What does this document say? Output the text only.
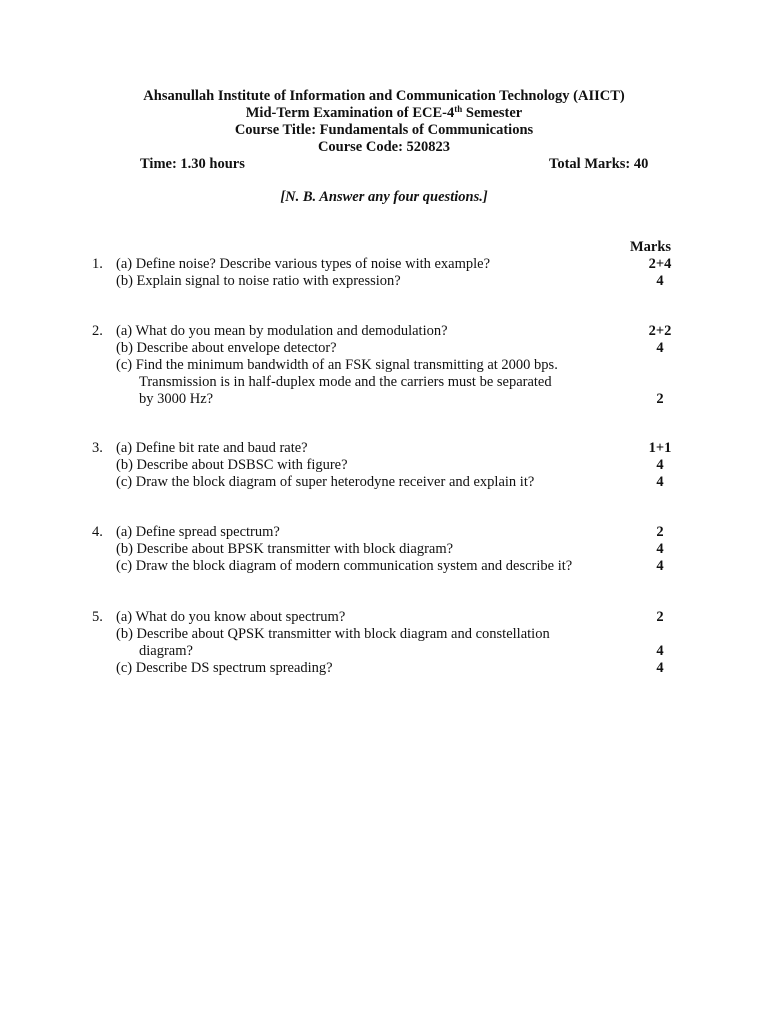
Ahsanullah Institute of Information and Communication Technology (AIICT)
Mid-Term Examination of ECE-4th Semester
Course Title: Fundamentals of Communications
Course Code: 520823
Time: 1.30 hours	Total Marks: 40
[N. B. Answer any four questions.]
Marks
1. (a) Define noise? Describe various types of noise with example?	2+4
(b) Explain signal to noise ratio with expression?	4
2. (a) What do you mean by modulation and demodulation?	2+2
(b) Describe about envelope detector?	4
(c) Find the minimum bandwidth of an FSK signal transmitting at 2000 bps.
Transmission is in half-duplex mode and the carriers must be separated
by 3000 Hz?	2
3. (a) Define bit rate and baud rate?	1+1
(b) Describe about DSBSC with figure?	4
(c) Draw the block diagram of super heterodyne receiver and explain it?	4
4. (a) Define spread spectrum?	2
(b) Describe about BPSK transmitter with block diagram?	4
(c) Draw the block diagram of modern communication system and describe it?	4
5. (a) What do you know about spectrum?	2
(b) Describe about QPSK transmitter with block diagram and constellation
diagram?	4
(c) Describe DS spectrum spreading?	4
